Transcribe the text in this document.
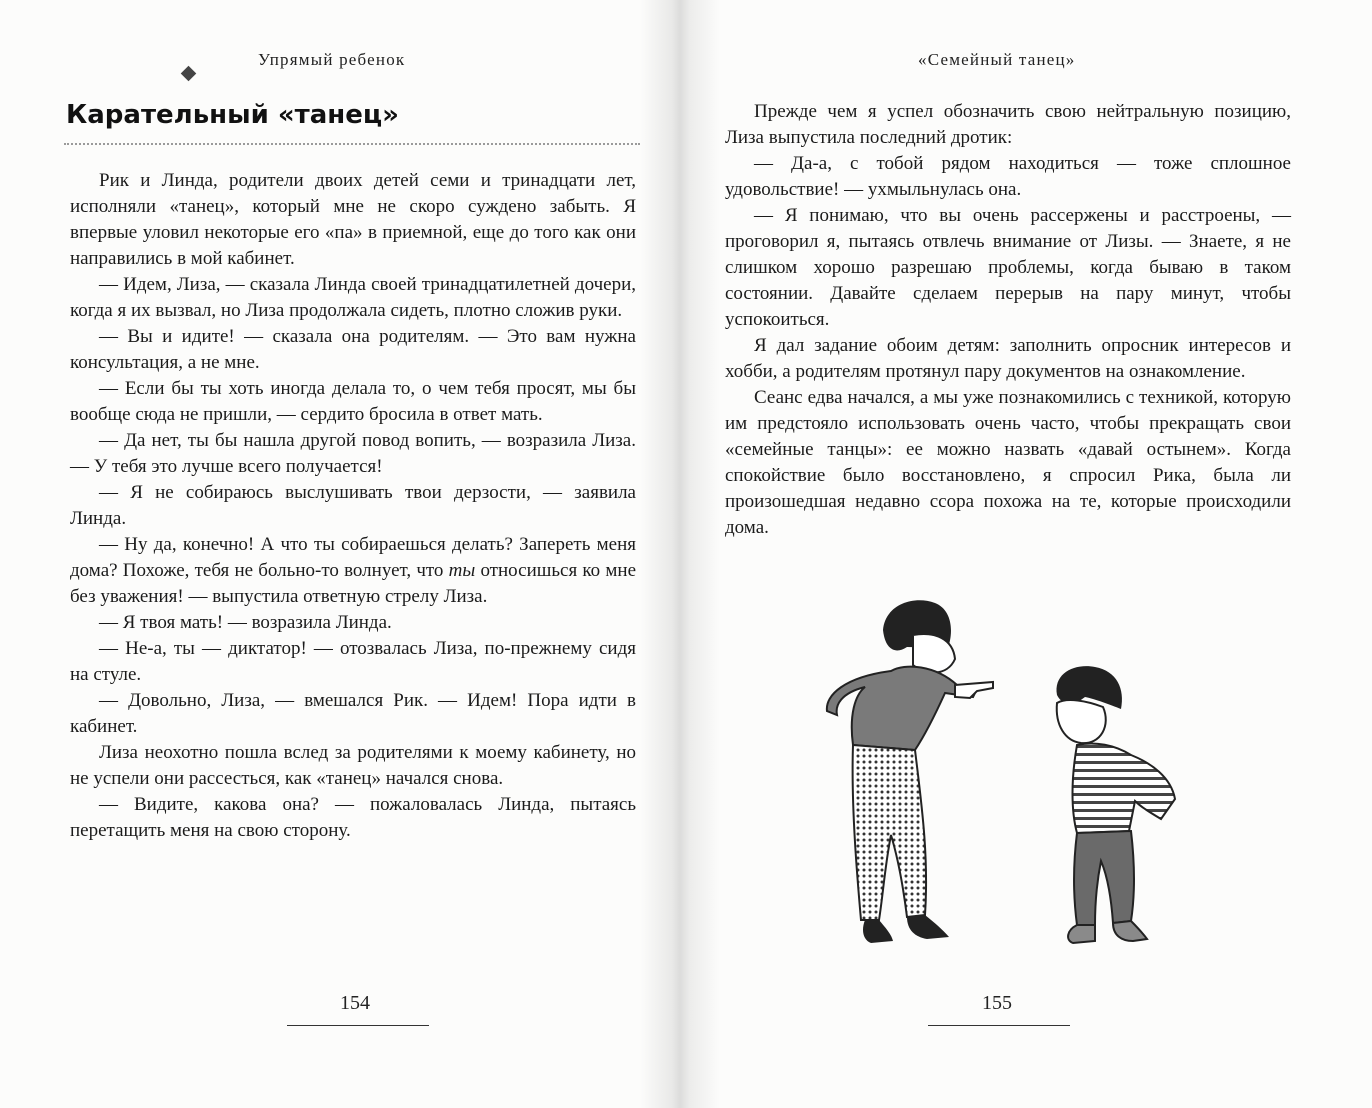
Упрямый ребенок
Карательный «танец»

Рик и Линда, родители двоих детей семи и тринадцати лет, исполняли «танец», который мне не скоро суждено забыть. Я впервые уловил некоторые его «па» в приемной, еще до того как они направились в мой кабинет.

— Идем, Лиза, — сказала Линда своей тринадцатилетней дочери, когда я их вызвал, но Лиза продолжала сидеть, плотно сложив руки.

— Вы и идите! — сказала она родителям. — Это вам нужна консультация, а не мне.

— Если бы ты хоть иногда делала то, о чем тебя просят, мы бы вообще сюда не пришли, — сердито бросила в ответ мать.

— Да нет, ты бы нашла другой повод вопить, — возразила Лиза. — У тебя это лучше всего получается!

— Я не собираюсь выслушивать твои дерзости, — заявила Линда.

— Ну да, конечно! А что ты собираешься делать? Запереть меня дома? Похоже, тебя не больно-то волнует, что ты относишься ко мне без уважения! — выпустила ответную стрелу Лиза.

— Я твоя мать! — возразила Линда.

— Не-а, ты — диктатор! — отозвалась Лиза, по-прежнему сидя на стуле.

— Довольно, Лиза, — вмешался Рик. — Идем! Пора идти в кабинет.

Лиза неохотно пошла вслед за родителями к моему кабинету, но не успели они рассесться, как «танец» начался снова.

— Видите, какова она? — пожаловалась Линда, пытаясь перетащить меня на свою сторону.

154
«Семейный танец»

Прежде чем я успел обозначить свою нейтральную позицию, Лиза выпустила последний дротик:

— Да-а, с тобой рядом находиться — тоже сплошное удовольствие! — ухмыльнулась она.

— Я понимаю, что вы очень рассержены и расстроены, — проговорил я, пытаясь отвлечь внимание от Лизы. — Знаете, я не слишком хорошо разрешаю проблемы, когда бываю в таком состоянии. Давайте сделаем перерыв на пару минут, чтобы успокоиться.

Я дал задание обоим детям: заполнить опросник интересов и хобби, а родителям протянул пару документов на ознакомление.

Сеанс едва начался, а мы уже познакомились с техникой, которую им предстояло использовать очень часто, чтобы прекращать свои «семейные танцы»: ее можно назвать «давай остынем». Когда спокойствие было восстановлено, я спросил Рика, была ли произошедшая недавно ссора похожа на те, которые происходили дома.

155
